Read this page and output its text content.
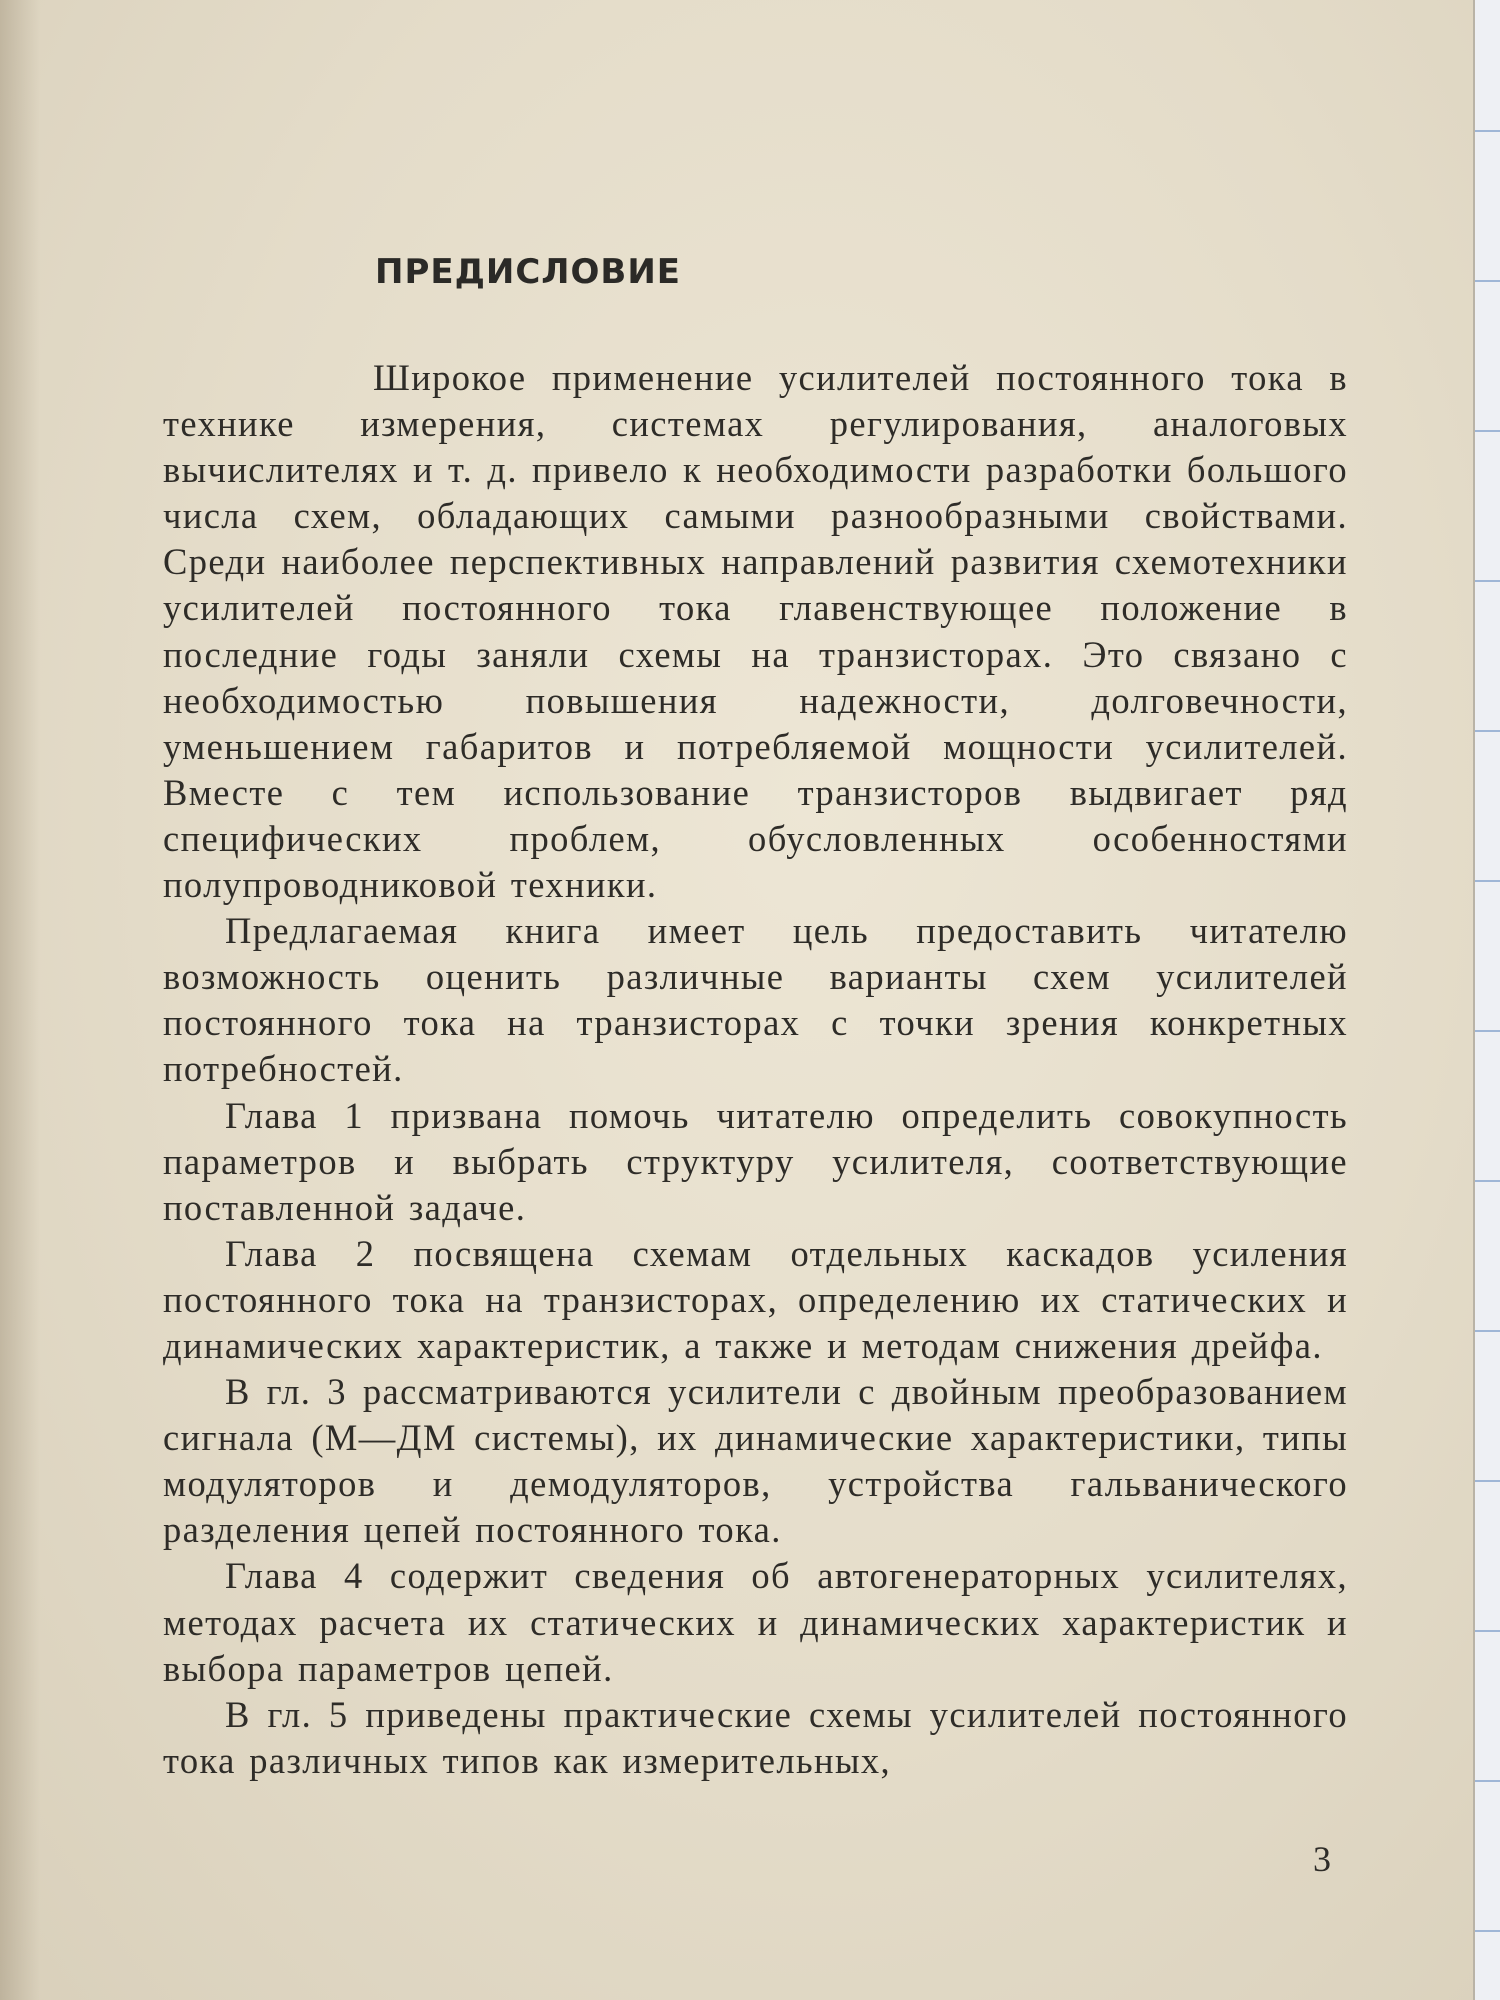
ПРЕДИСЛОВИЕ

Широкое применение усилителей постоянного тока в технике измерения, системах регулирования, аналоговых вычислителях и т. д. привело к необходимости разработки большого числа схем, обладающих самыми разнообразными свойствами. Среди наиболее перспективных направлений развития схемотехники усилителей постоянного тока главенствующее положение в последние годы заняли схемы на транзисторах. Это связано с необходимостью повышения надежности, долговечности, уменьшением габаритов и потребляемой мощности усилителей. Вместе с тем использование транзисторов выдвигает ряд специфических проблем, обусловленных особенностями полупроводниковой техники.

Предлагаемая книга имеет цель предоставить читателю возможность оценить различные варианты схем усилителей постоянного тока на транзисторах с точки зрения конкретных потребностей.

Глава 1 призвана помочь читателю определить совокупность параметров и выбрать структуру усилителя, соответствующие поставленной задаче.

Глава 2 посвящена схемам отдельных каскадов усиления постоянного тока на транзисторах, определению их статических и динамических характеристик, а также и методам снижения дрейфа.

В гл. 3 рассматриваются усилители с двойным преобразованием сигнала (М—ДМ системы), их динамические характеристики, типы модуляторов и демодуляторов, устройства гальванического разделения цепей постоянного тока.

Глава 4 содержит сведения об автогенераторных усилителях, методах расчета их статических и динамических характеристик и выбора параметров цепей.

В гл. 5 приведены практические схемы усилителей постоянного тока различных типов как измерительных,

3
